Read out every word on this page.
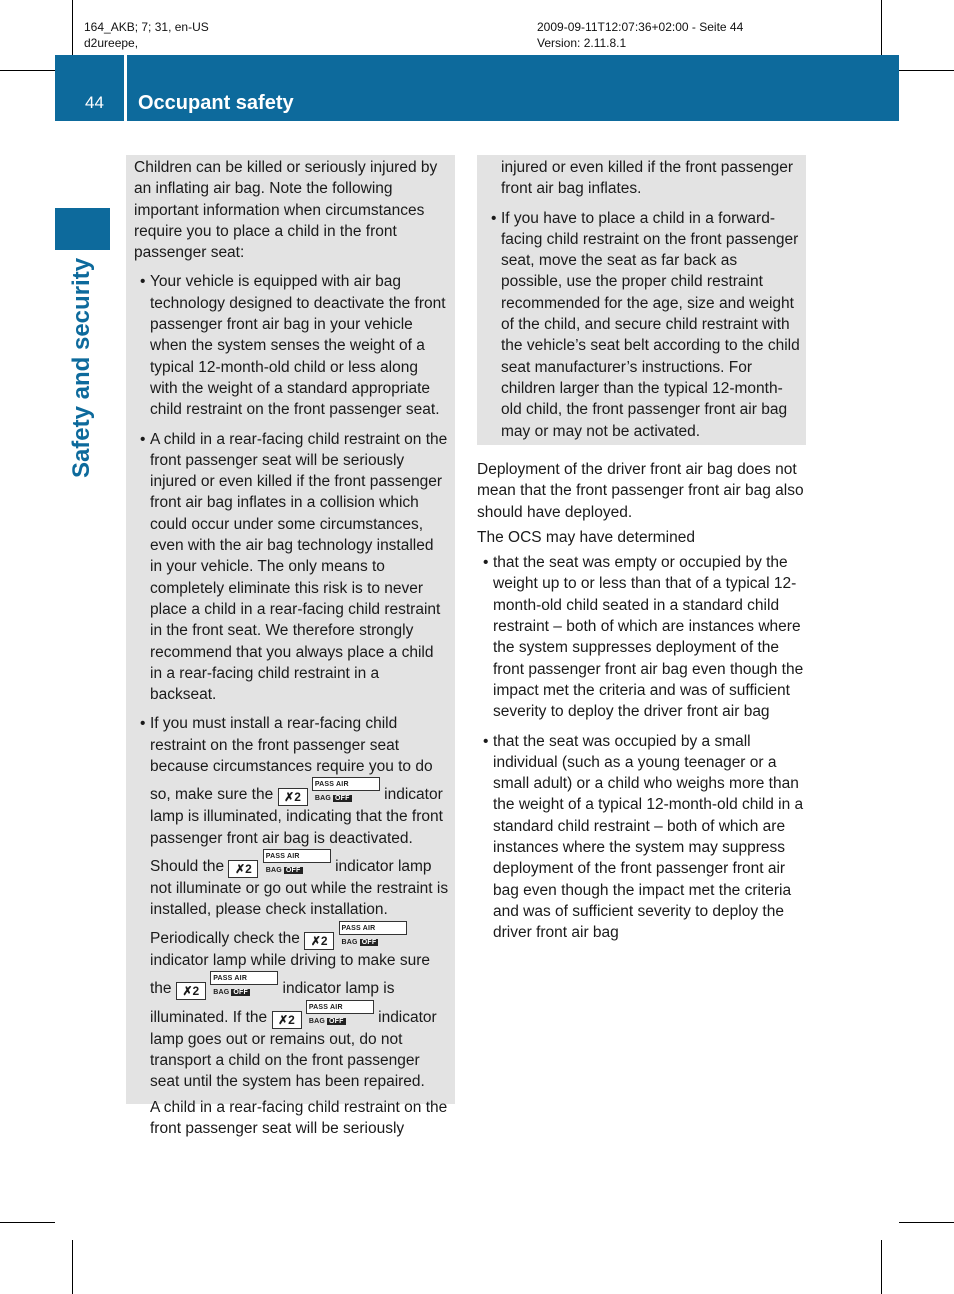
164_AKB; 7; 31, en-US
d2ureepe,
2009-09-11T12:07:36+02:00 - Seite 44
Version: 2.11.8.1
44 Occupant safety
Safety and security

Children can be killed or seriously injured by an inflating air bag. Note the following important information when circumstances require you to place a child in the front passenger seat:

• Your vehicle is equipped with air bag technology designed to deactivate the front passenger front air bag in your vehicle when the system senses the weight of a typical 12-month-old child or less along with the weight of a standard appropriate child restraint on the front passenger seat.
• A child in a rear-facing child restraint on the front passenger seat will be seriously injured or even killed if the front passenger front air bag inflates in a collision which could occur under some circumstances, even with the air bag technology installed in your vehicle. The only means to completely eliminate this risk is to never place a child in a rear-facing child restraint in the front seat. We therefore strongly recommend that you always place a child in a rear-facing child restraint in a backseat.
• If you must install a rear-facing child restraint on the front passenger seat because circumstances require you to do so, make sure the ✗2 PASS AIR BAG OFF indicator lamp is illuminated, indicating that the front passenger front air bag is deactivated. Should the ✗2 PASS AIR BAG OFF indicator lamp not illuminate or go out while the restraint is installed, please check installation. Periodically check the ✗2 PASS AIR BAG OFF indicator lamp while driving to make sure the ✗2 PASS AIR BAG OFF indicator lamp is illuminated. If the ✗2 PASS AIR BAG OFF indicator lamp goes out or remains out, do not transport a child on the front passenger seat until the system has been repaired.

A child in a rear-facing child restraint on the front passenger seat will be seriously

injured or even killed if the front passenger front air bag inflates.

• If you have to place a child in a forward-facing child restraint on the front passenger seat, move the seat as far back as possible, use the proper child restraint recommended for the age, size and weight of the child, and secure child restraint with the vehicle’s seat belt according to the child seat manufacturer’s instructions. For children larger than the typical 12-month-old child, the front passenger front air bag may or may not be activated.

Deployment of the driver front air bag does not mean that the front passenger front air bag also should have deployed.

The OCS may have determined

• that the seat was empty or occupied by the weight up to or less than that of a typical 12-month-old child seated in a standard child restraint – both of which are instances where the system suppresses deployment of the front passenger front air bag even though the impact met the criteria and was of sufficient severity to deploy the driver front air bag
• that the seat was occupied by a small individual (such as a young teenager or a small adult) or a child who weighs more than the weight of a typical 12-month-old child in a standard child restraint – both of which are instances where the system may suppress deployment of the front passenger front air bag even though the impact met the criteria and was of sufficient severity to deploy the driver front air bag
